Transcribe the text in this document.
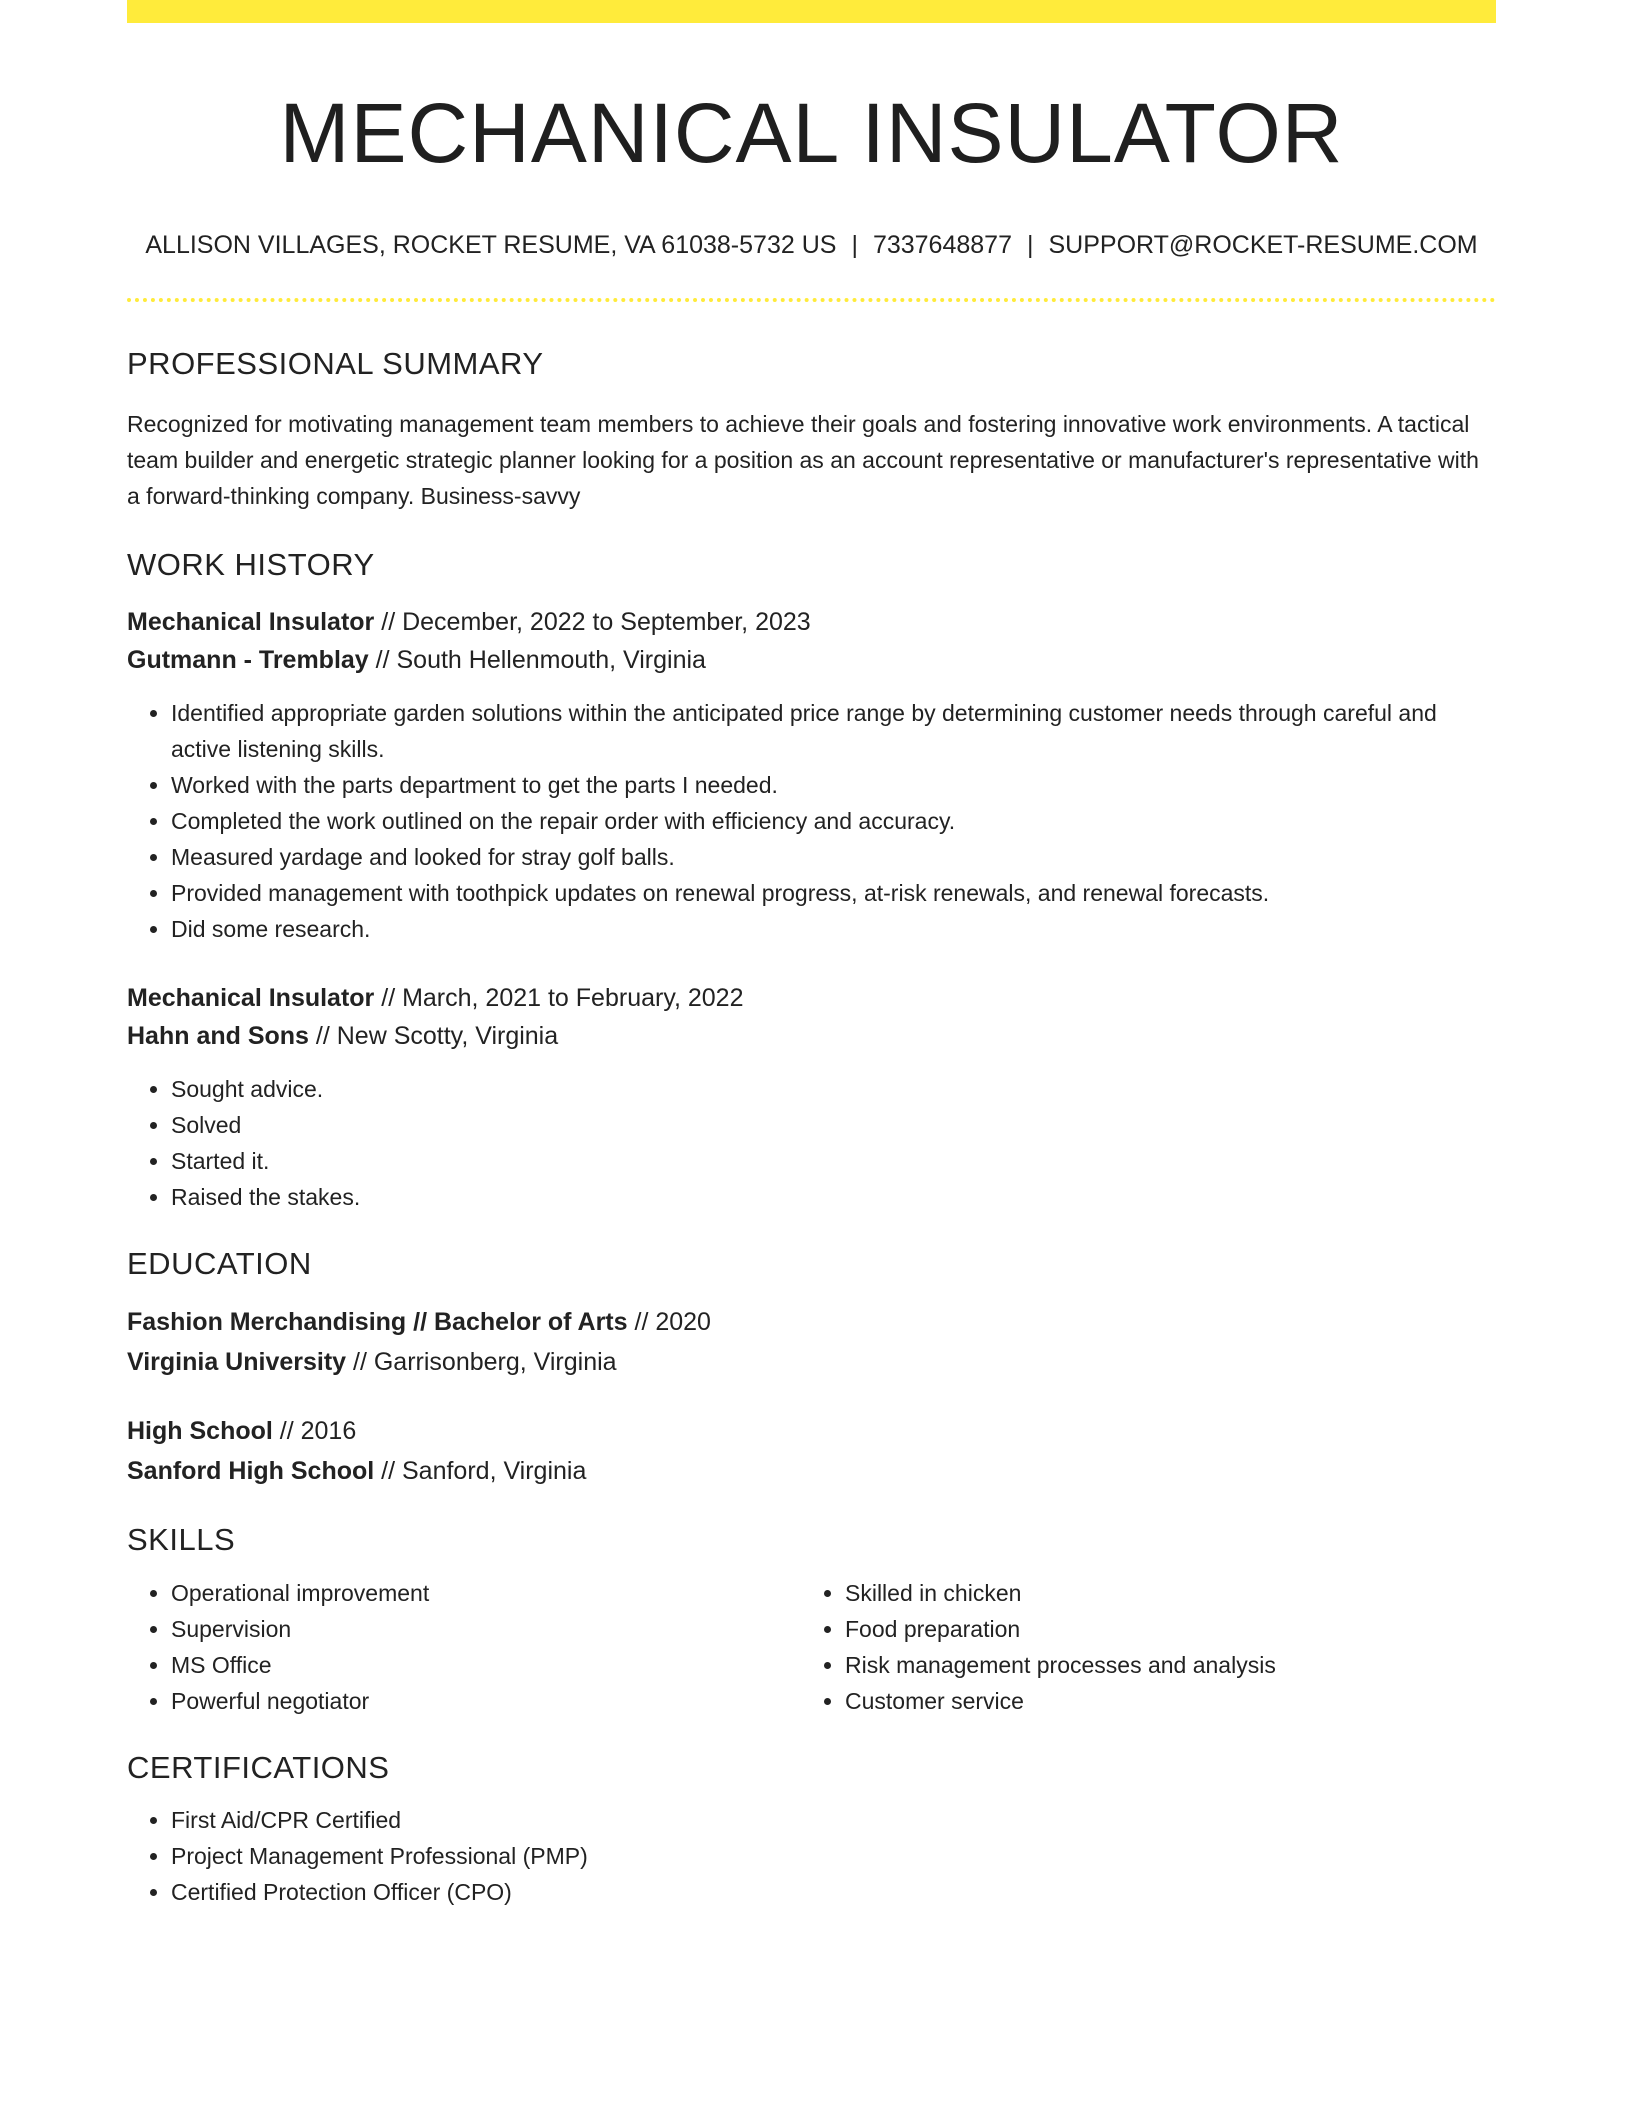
MECHANICAL INSULATOR
ALLISON VILLAGES, ROCKET RESUME, VA 61038-5732 US | 7337648877 | SUPPORT@ROCKET-RESUME.COM
PROFESSIONAL SUMMARY
Recognized for motivating management team members to achieve their goals and fostering innovative work environments. A tactical team builder and energetic strategic planner looking for a position as an account representative or manufacturer's representative with a forward-thinking company. Business-savvy
WORK HISTORY
Mechanical Insulator // December, 2022 to September, 2023
Gutmann - Tremblay // South Hellenmouth, Virginia
• Identified appropriate garden solutions within the anticipated price range by determining customer needs through careful and active listening skills.
• Worked with the parts department to get the parts I needed.
• Completed the work outlined on the repair order with efficiency and accuracy.
• Measured yardage and looked for stray golf balls.
• Provided management with toothpick updates on renewal progress, at-risk renewals, and renewal forecasts.
• Did some research.
Mechanical Insulator // March, 2021 to February, 2022
Hahn and Sons // New Scotty, Virginia
• Sought advice.
• Solved
• Started it.
• Raised the stakes.
EDUCATION
Fashion Merchandising // Bachelor of Arts // 2020
Virginia University // Garrisonberg, Virginia
High School // 2016
Sanford High School // Sanford, Virginia
SKILLS
• Operational improvement
• Supervision
• MS Office
• Powerful negotiator
• Skilled in chicken
• Food preparation
• Risk management processes and analysis
• Customer service
CERTIFICATIONS
• First Aid/CPR Certified
• Project Management Professional (PMP)
• Certified Protection Officer (CPO)
